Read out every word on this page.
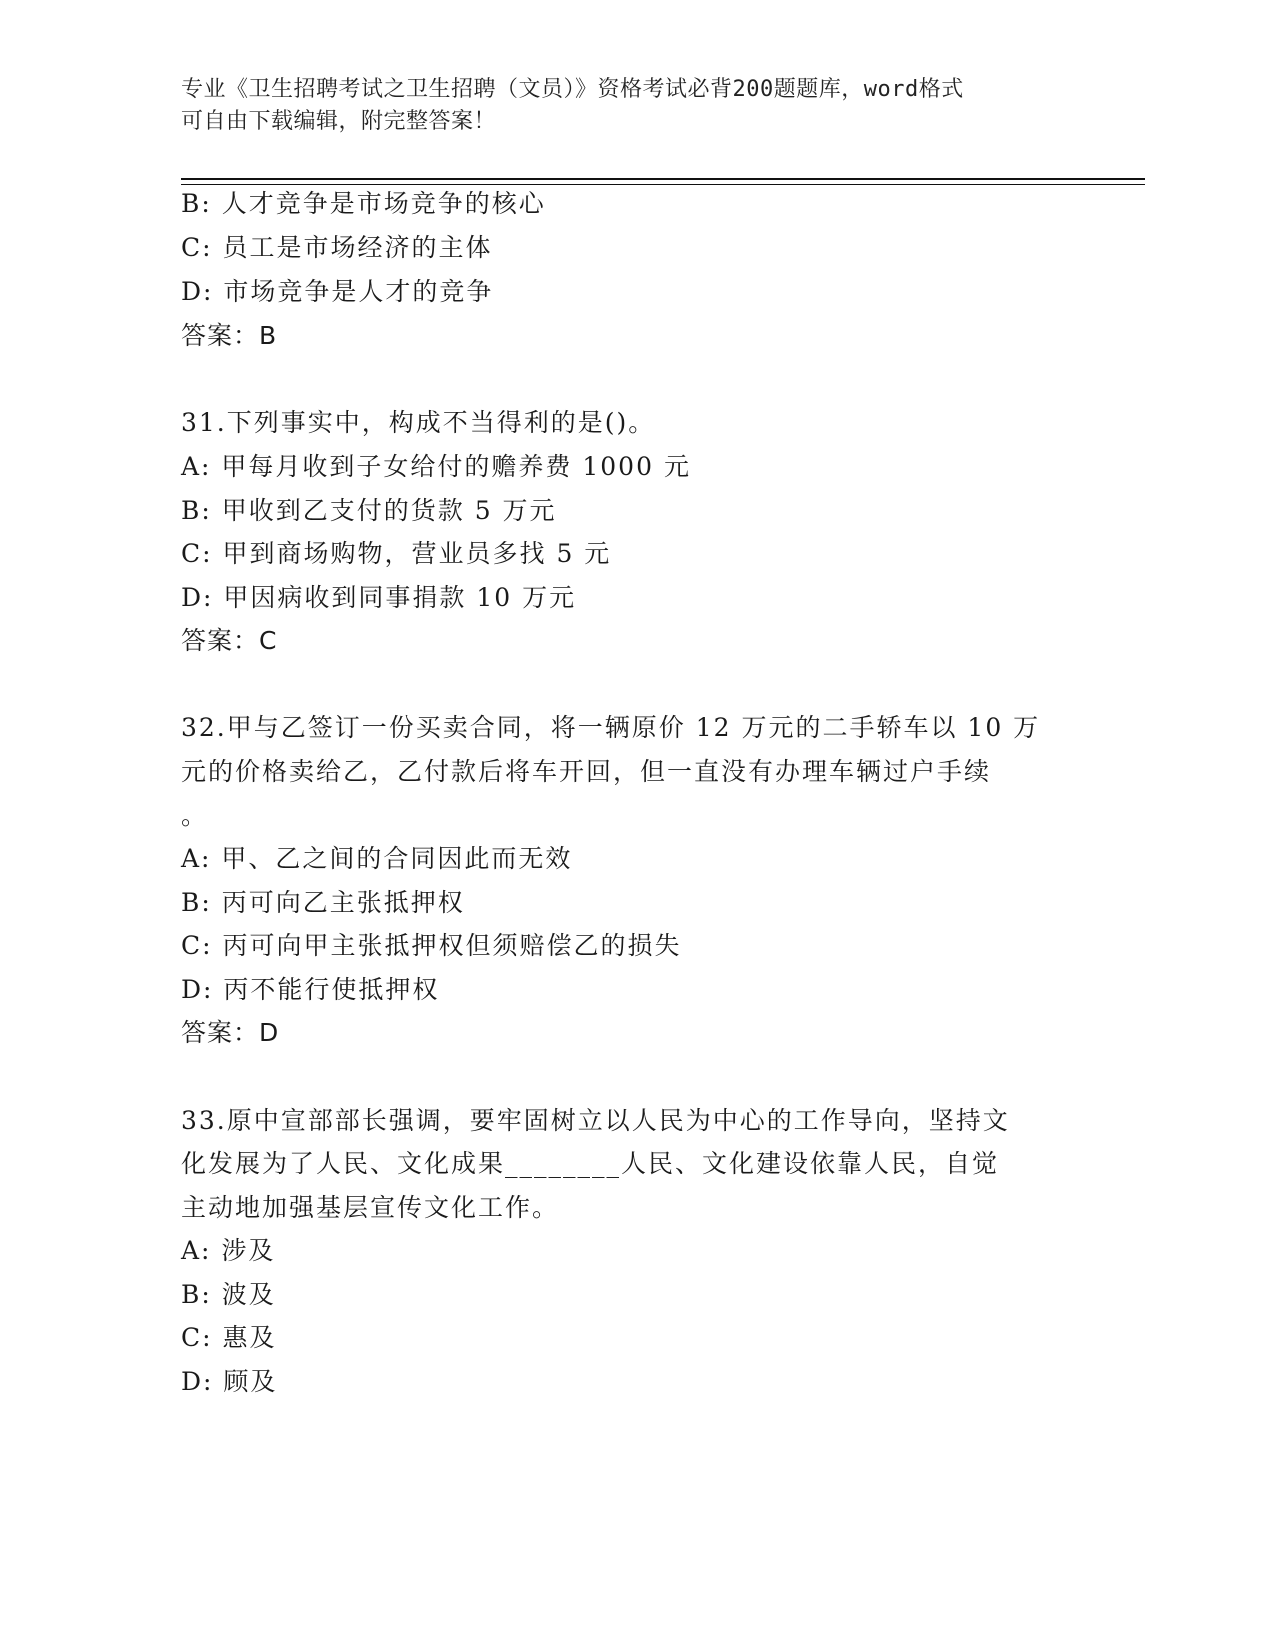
专业《卫生招聘考试之卫生招聘（文员）》资格考试必背200题题库，word格式
可自由下载编辑，附完整答案！
B: 人才竞争是市场竞争的核心
C: 员工是市场经济的主体
D: 市场竞争是人才的竞争
答案：B
31.下列事实中，构成不当得利的是()。
A: 甲每月收到子女给付的赡养费 1000 元
B: 甲收到乙支付的货款 5 万元
C: 甲到商场购物，营业员多找 5 元
D: 甲因病收到同事捐款 10 万元
答案：C
32.甲与乙签订一份买卖合同，将一辆原价 12 万元的二手轿车以 10 万
元的价格卖给乙，乙付款后将车开回，但一直没有办理车辆过户手续
。
A: 甲、乙之间的合同因此而无效
B: 丙可向乙主张抵押权
C: 丙可向甲主张抵押权但须赔偿乙的损失
D: 丙不能行使抵押权
答案：D
33.原中宣部部长强调，要牢固树立以人民为中心的工作导向，坚持文
化发展为了人民、文化成果________人民、文化建设依靠人民，自觉
主动地加强基层宣传文化工作。
A: 涉及
B: 波及
C: 惠及
D: 顾及
